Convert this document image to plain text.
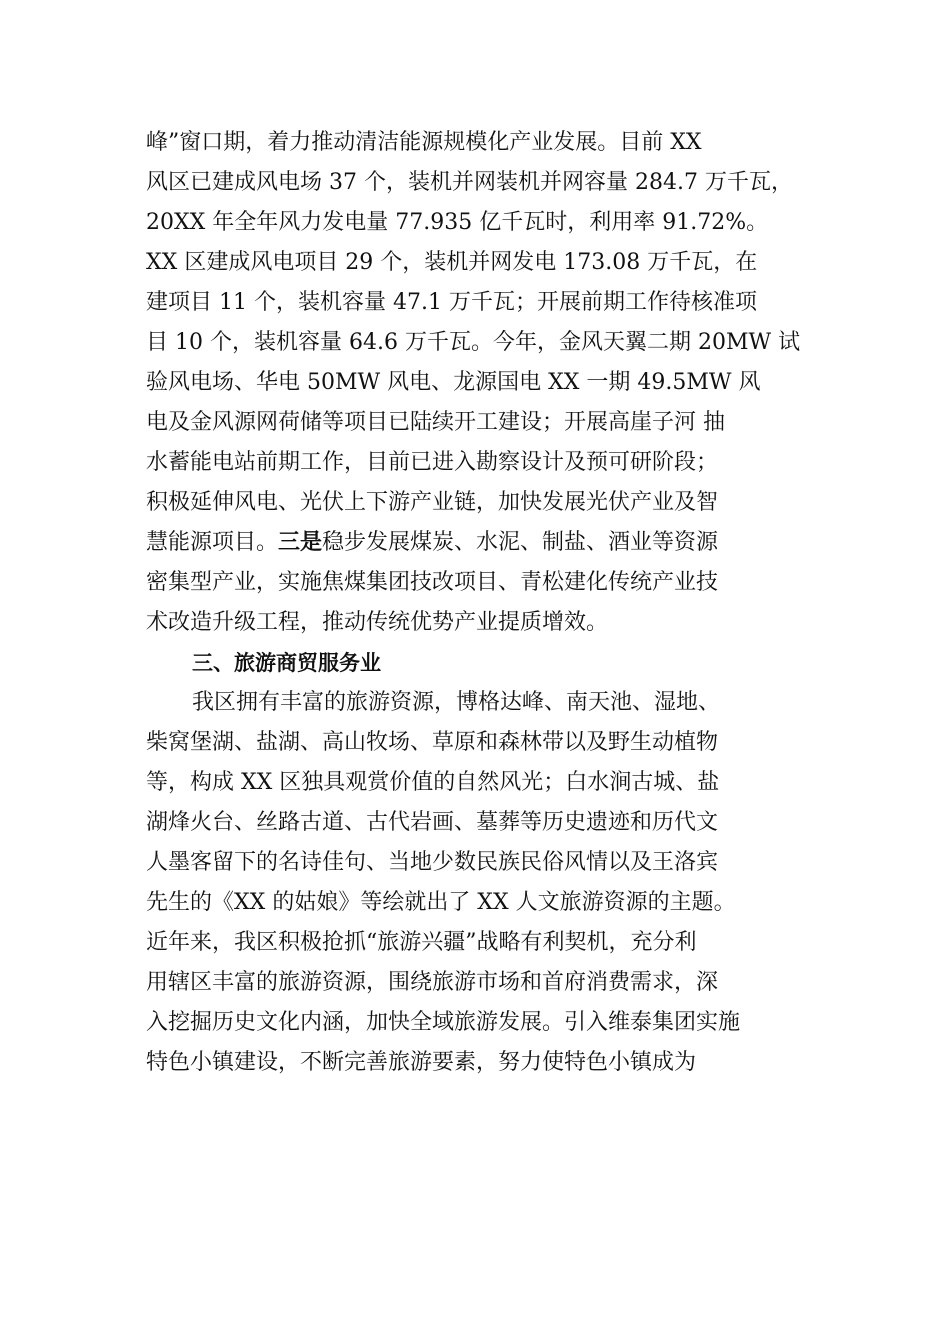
峰”窗口期，着力推动清洁能源规模化产业发展。目前 XX
风区已建成风电场 37 个，装机并网装机并网容量 284.7 万千瓦，
20XX 年全年风力发电量 77.935 亿千瓦时，利用率 91.72%。
XX 区建成风电项目 29 个，装机并网发电 173.08 万千瓦，在
建项目 11 个，装机容量 47.1 万千瓦；开展前期工作待核准项
目 10 个，装机容量 64.6 万千瓦。今年，金风天翼二期 20MW 试
验风电场、华电 50MW 风电、龙源国电 XX 一期 49.5MW 风
电及金风源网荷储等项目已陆续开工建设；开展高崖子河 抽
水蓄能电站前期工作，目前已进入勘察设计及预可研阶段；
积极延伸风电、光伏上下游产业链，加快发展光伏产业及智
慧能源项目。三是稳步发展煤炭、水泥、制盐、酒业等资源
密集型产业，实施焦煤集团技改项目、青松建化传统产业技
术改造升级工程，推动传统优势产业提质增效。
三、旅游商贸服务业
我区拥有丰富的旅游资源，博格达峰、南天池、湿地、
柴窝堡湖、盐湖、高山牧场、草原和森林带以及野生动植物
等，构成 XX 区独具观赏价值的自然风光；白水涧古城、盐
湖烽火台、丝路古道、古代岩画、墓葬等历史遗迹和历代文
人墨客留下的名诗佳句、当地少数民族民俗风情以及王洛宾
先生的《XX 的姑娘》等绘就出了 XX 人文旅游资源的主题。
近年来，我区积极抢抓“旅游兴疆”战略有利契机，充分利
用辖区丰富的旅游资源，围绕旅游市场和首府消费需求，深
入挖掘历史文化内涵，加快全域旅游发展。引入维泰集团实施
特色小镇建设，不断完善旅游要素，努力使特色小镇成为
